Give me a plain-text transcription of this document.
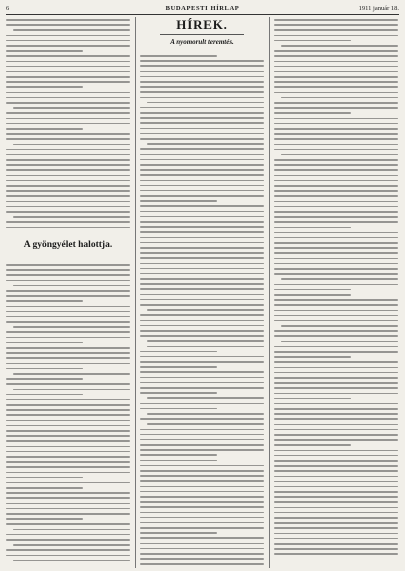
6	BUDAPESTI HÍRLAP	1911 január 18.
A gyöngyélet halottja.
HÍREK.
A nyomorult teremtés.
